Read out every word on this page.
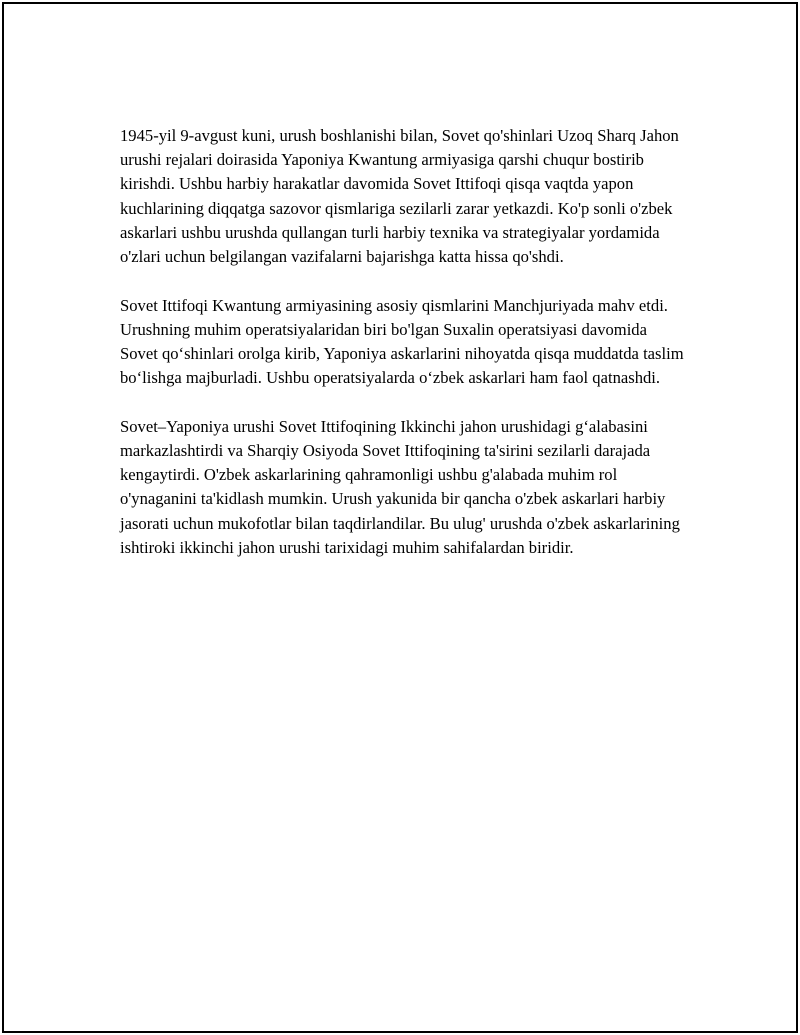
1945-yil 9-avgust kuni, urush boshlanishi bilan, Sovet qo'shinlari Uzoq Sharq Jahon urushi rejalari doirasida Yaponiya Kwantung armiyasiga qarshi chuqur bostirib kirishdi. Ushbu harbiy harakatlar davomida Sovet Ittifoqi qisqa vaqtda yapon kuchlarining diqqatga sazovor qismlariga sezilarli zarar yetkazdi. Ko'p sonli o'zbek askarlari ushbu urushda qullangan turli harbiy texnika va strategiyalar yordamida o'zlari uchun belgilangan vazifalarni bajarishga katta hissa qo'shdi.

Sovet Ittifoqi Kwantung armiyasining asosiy qismlarini Manchjuriyada mahv etdi. Urushning muhim operatsiyalaridan biri bo'lgan Suxalin operatsiyasi davomida Sovet qo‘shinlari orolga kirib, Yaponiya askarlarini nihoyatda qisqa muddatda taslim bo‘lishga majburladi. Ushbu operatsiyalarda o‘zbek askarlari ham faol qatnashdi.

Sovet–Yaponiya urushi Sovet Ittifoqining Ikkinchi jahon urushidagi g‘alabasini markazlashtirdi va Sharqiy Osiyoda Sovet Ittifoqining ta'sirini sezilarli darajada kengaytirdi. O'zbek askarlarining qahramonligi ushbu g'alabada muhim rol o'ynaganini ta'kidlash mumkin. Urush yakunida bir qancha o'zbek askarlari harbiy jasorati uchun mukofotlar bilan taqdirlandilar. Bu ulug' urushda o'zbek askarlarining ishtiroki ikkinchi jahon urushi tarixidagi muhim sahifalardan biridir.
